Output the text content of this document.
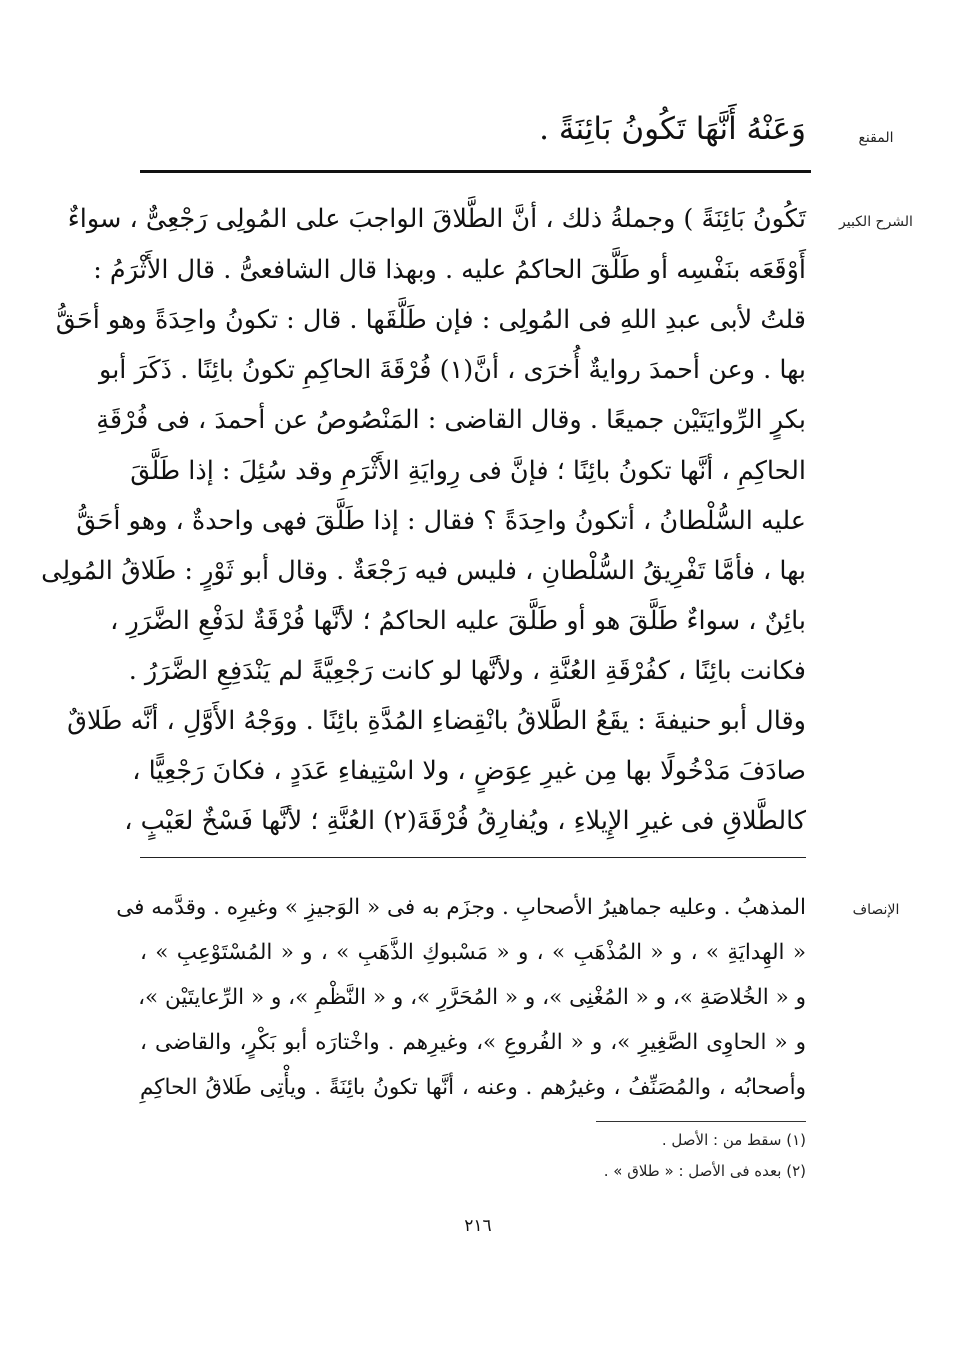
المقنع
وَعَنْهُ أَنَّهَا تَكُونُ بَائِنَةً .
الشرح الكبير
تَكُونُ بَائِنَةً ) وجملةُ ذلك ، أنَّ الطَّلاقَ الواجبَ على المُولِى رَجْعِىٌّ ، سواءٌ
أَوْقَعَه بنَفْسِه أو طَلَّقَ الحاكمُ عليه . وبهذا قال الشافعىُّ . قال الأَثْرَمُ :
قلتُ لأبى عبدِ اللهِ فى المُولِى : فإن طَلَّقَها . قال : تكونُ واحِدَةً وهو أحَقُّ
بها . وعن أحمدَ روايةٌ أُخرَى ، أنَّ(١) فُرْقَةَ الحاكِمِ تكونُ بائِنًا . ذَكَرَ أبو
بكرٍ الرِّوايَتَيْن جميعًا . وقال القاضى : المَنْصُوصُ عن أحمدَ ، فى فُرْقَةِ
الحاكِمِ ، أنَّها تكونُ بائِنًا ؛ فإنَّ فى رِوايَةِ الأَثْرَمِ وقد سُئِلَ : إذا طَلَّقَ
عليه السُّلْطانُ ، أتكونُ واحِدَةً ؟ فقال : إذا طَلَّقَ فهى واحدةٌ ، وهو أحَقُّ
بها ، فأمَّا تَفْرِيقُ السُّلْطانِ ، فليس فيه رَجْعَةٌ . وقال أبو ثَوْرٍ : طَلاقُ المُولِى
بائِنٌ ، سواءٌ طَلَّقَ هو أو طَلَّقَ عليه الحاكمُ ؛ لأنَّها فُرْقَةٌ لدَفْعِ الضَّرَرِ ،
فكانت بائِنًا ، كفُرْقَةِ العُنَّةِ ، ولأنَّها لو كانت رَجْعِيَّةً لم يَنْدَفِعِ الضَّرَرُ .
وقال أبو حنيفةَ : يقَعُ الطَّلاقُ بانْقِضاءِ المُدَّةِ بائِنًا . ووَجْهُ الأَوَّلِ ، أنَّه طَلاقٌ
صادَفَ مَدْخُولًا بها مِن غيرِ عِوَضٍ ، ولا اسْتِيفاءِ عَدَدٍ ، فكانَ رَجْعِيًّا ،
كالطَّلاقِ فى غيرِ الإِيلاءِ ، ويُفارِقُ فُرْقَةَ(٢) العُنَّةِ ؛ لأنَّها فَسْخٌ لعَيْبٍ ،
الإنصاف
المذهبُ . وعليه جماهيرُ الأصحابِ . وجزَم به فى « الوَجيزِ » وغيرِه . وقدَّمه فى
« الهِدايَةِ » ، و « المُذْهَبِ » ، و « مَسْبوكِ الذَّهَبِ » ، و « المُسْتَوْعِبِ » ،
و « الخُلاصَةِ »، و « المُغْنِى »، و « المُحَرَّرِ »، و « النَّظْمِ »، و « الرِّعايتَيْن »،
و « الحاوِى الصَّغِيرِ »، و « الفُروعِ »، وغيرِهم . واخْتارَه أبو بَكْرٍ، والقاضى ،
وأصحابُه ، والمُصَنِّفُ ، وغيرُهم . وعنه ، أنَّها تكونُ بائِنَةً . ويأْتِى طَلاقُ الحاكِمِ
(١) سقط من : الأصل .
(٢) بعده فى الأصل : « طلاق » .
٢١٦
